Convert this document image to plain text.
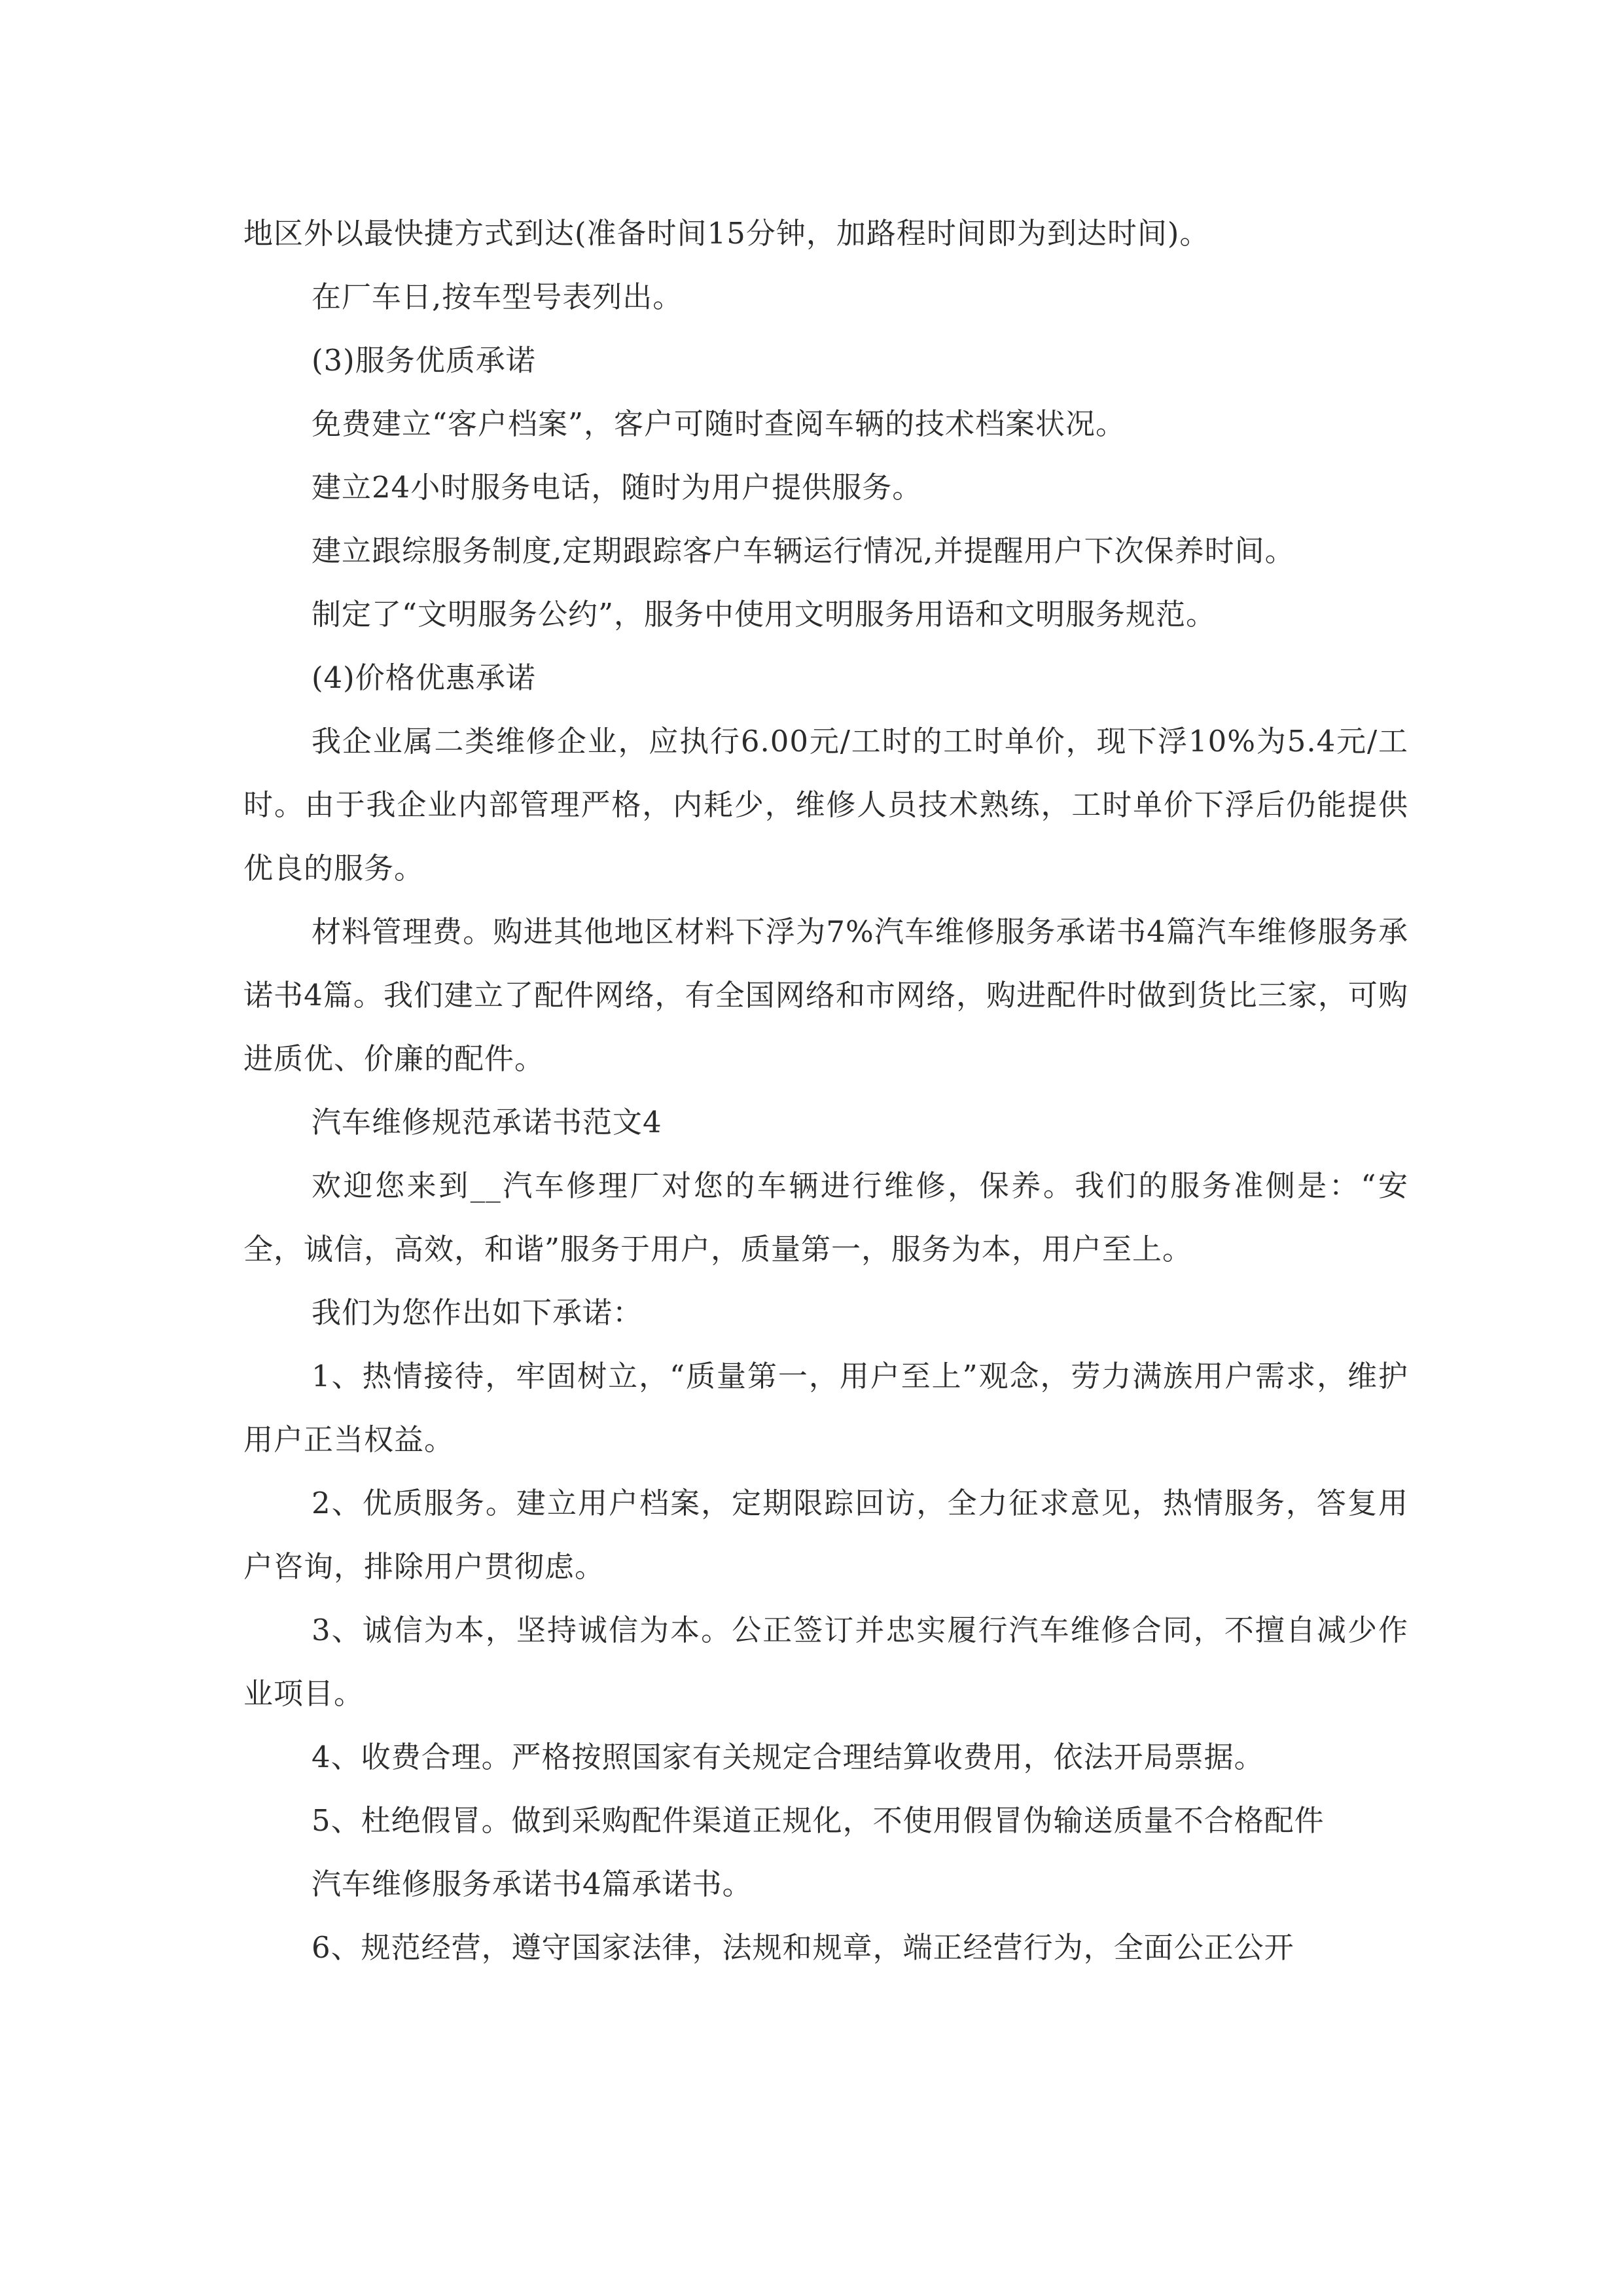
地区外以最快捷方式到达(准备时间15分钟，加路程时间即为到达时间)。

在厂车日,按车型号表列出。

(3)服务优质承诺

免费建立“客户档案”，客户可随时查阅车辆的技术档案状况。

建立24小时服务电话，随时为用户提供服务。

建立跟综服务制度,定期跟踪客户车辆运行情况,并提醒用户下次保养时间。

制定了“文明服务公约”，服务中使用文明服务用语和文明服务规范。

(4)价格优惠承诺

我企业属二类维修企业，应执行6.00元/工时的工时单价，现下浮10%为5.4元/工时。由于我企业内部管理严格，内耗少，维修人员技术熟练，工时单价下浮后仍能提供优良的服务。

材料管理费。购进其他地区材料下浮为7%汽车维修服务承诺书4篇汽车维修服务承诺书4篇。我们建立了配件网络，有全国网络和市网络，购进配件时做到货比三家，可购进质优、价廉的配件。

汽车维修规范承诺书范文4

欢迎您来到__汽车修理厂对您的车辆进行维修，保养。我们的服务准侧是：“安全，诚信，高效，和谐”服务于用户，质量第一，服务为本，用户至上。

我们为您作出如下承诺：

1、热情接待，牢固树立，“质量第一，用户至上”观念，劳力满族用户需求，维护用户正当权益。

2、优质服务。建立用户档案，定期限踪回访，全力征求意见，热情服务，答复用户咨询，排除用户贯彻虑。

3、诚信为本，坚持诚信为本。公正签订并忠实履行汽车维修合同，不擅自减少作业项目。

4、收费合理。严格按照国家有关规定合理结算收费用，依法开局票据。

5、杜绝假冒。做到采购配件渠道正规化，不使用假冒伪输送质量不合格配件

汽车维修服务承诺书4篇承诺书。

6、规范经营，遵守国家法律，法规和规章，端正经营行为，全面公正公开
